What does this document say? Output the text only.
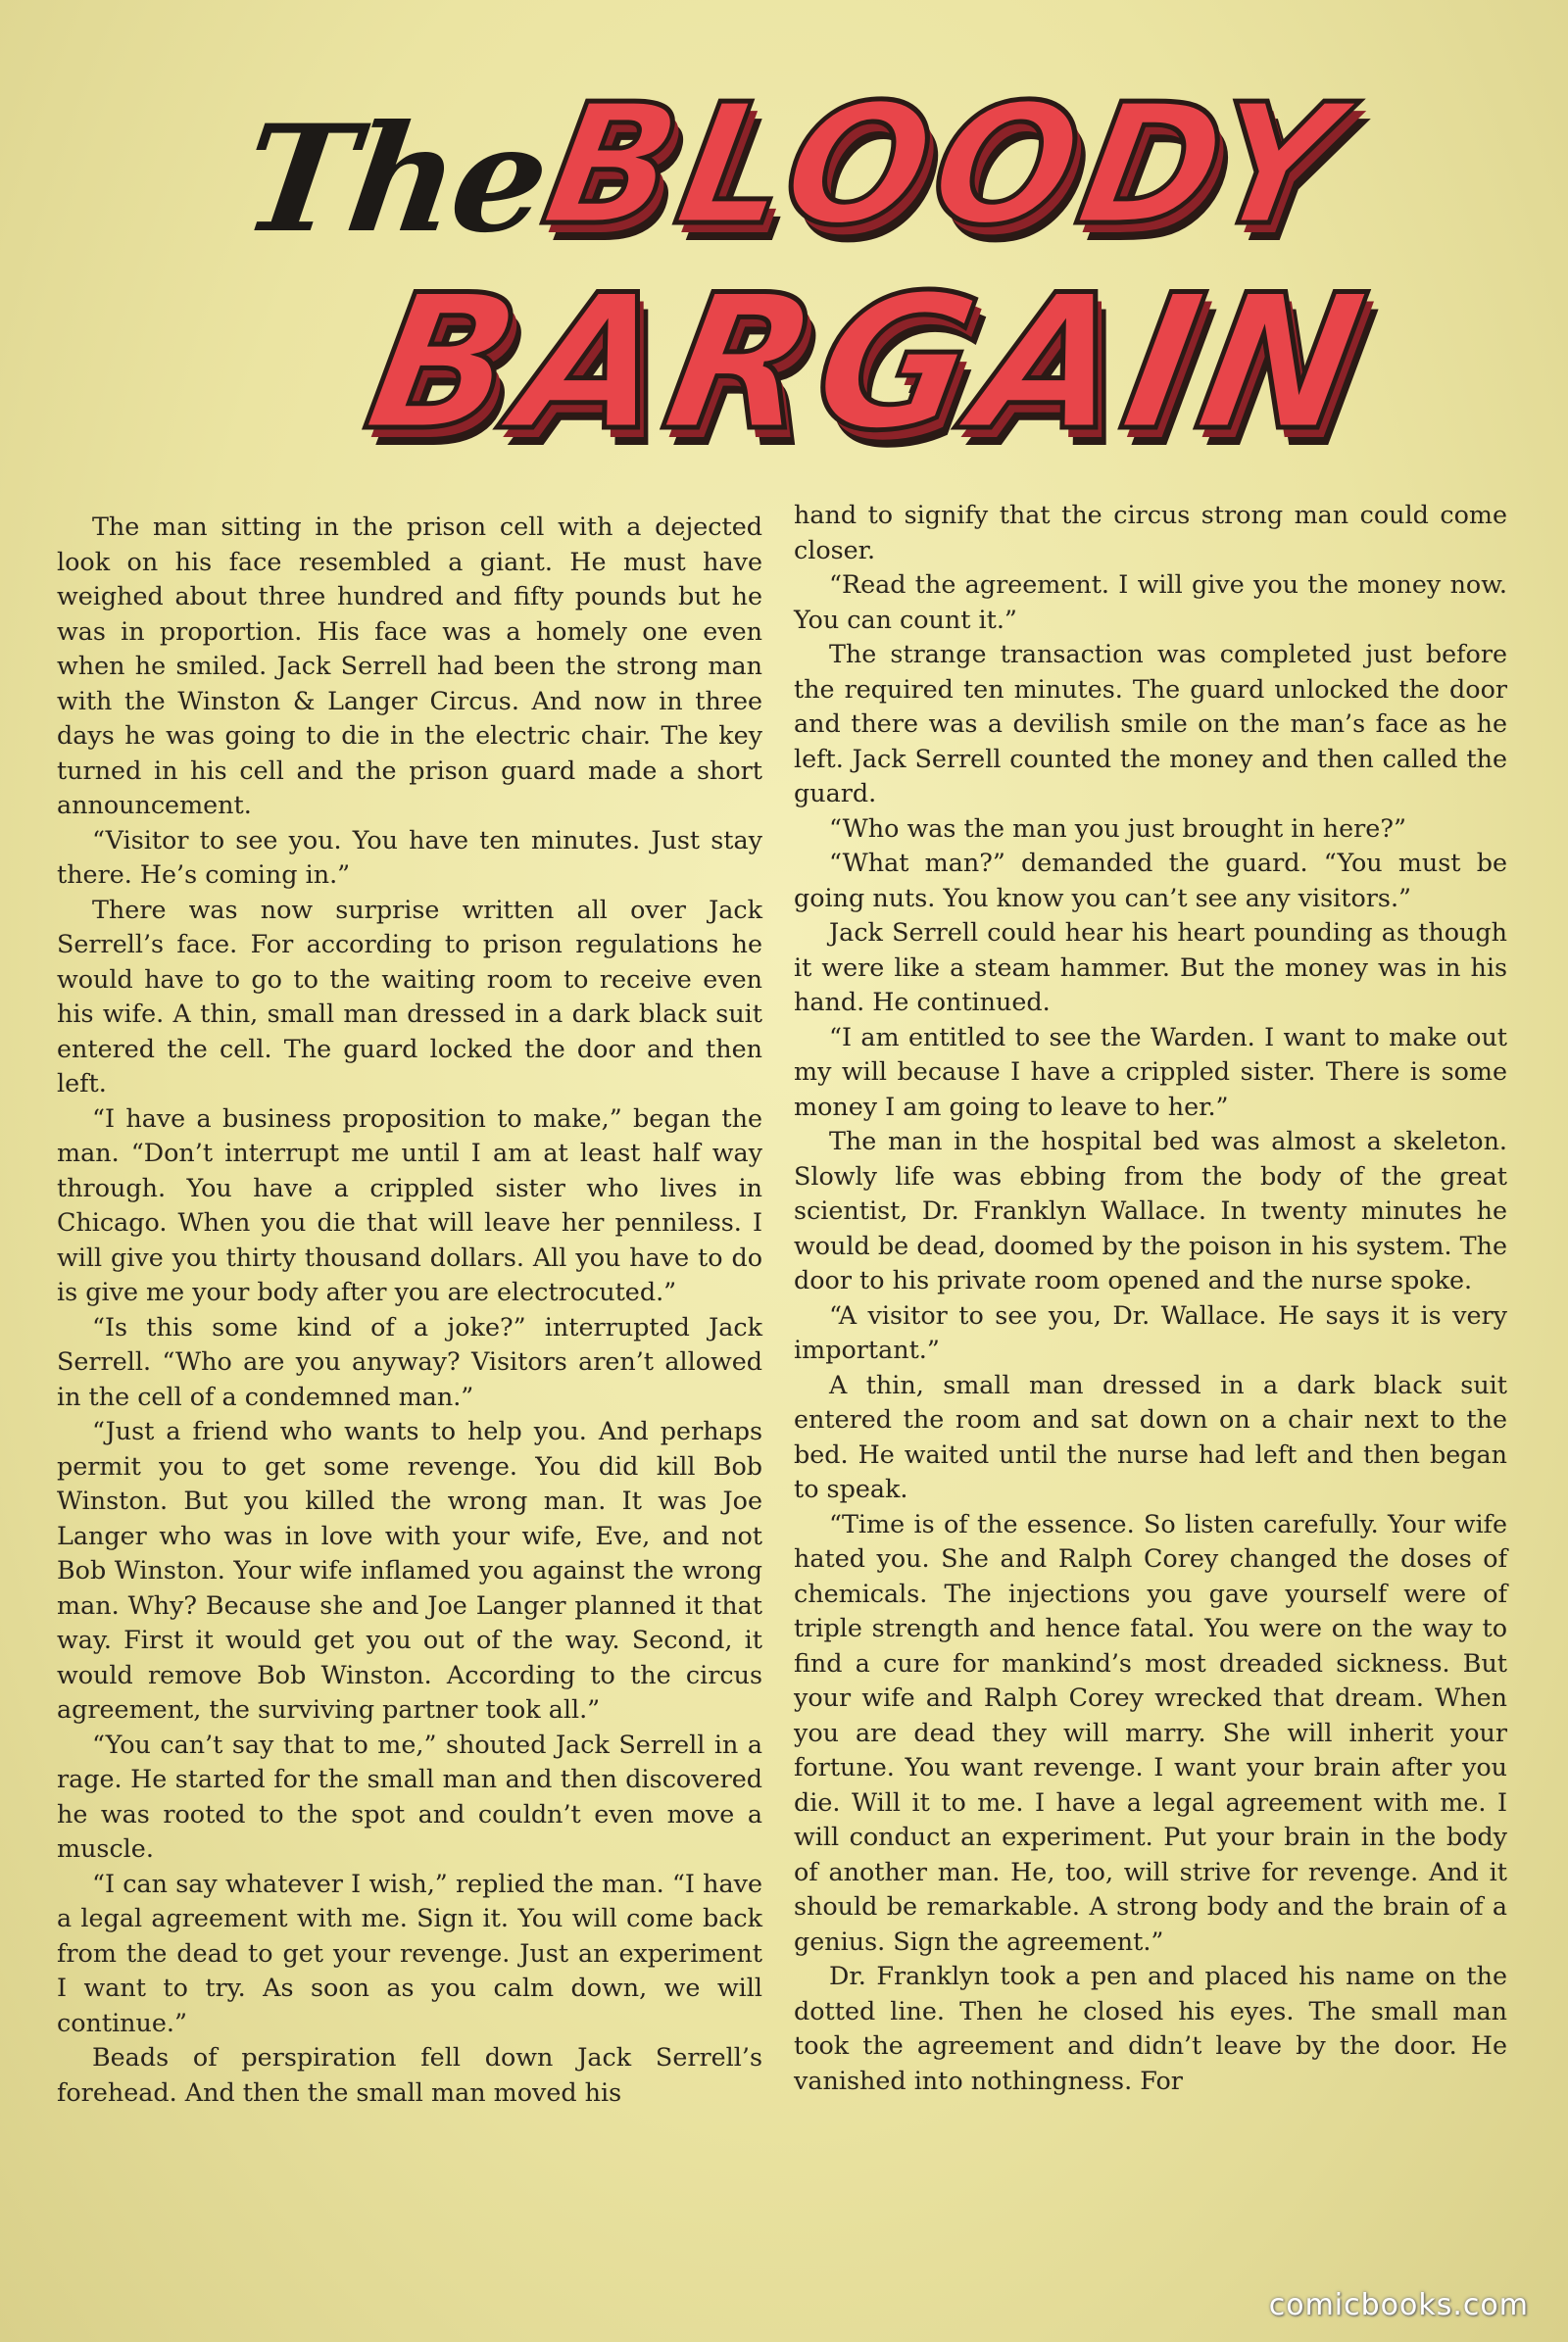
The
BLOODY
BARGAIN

The man sitting in the prison cell with a dejected look on his face resembled a giant. He must have weighed about three hundred and fifty pounds but he was in proportion. His face was a homely one even when he smiled. Jack Serrell had been the strong man with the Winston & Langer Circus. And now in three days he was going to die in the electric chair. The key turned in his cell and the prison guard made a short announcement.

“Visitor to see you. You have ten minutes. Just stay there. He’s coming in.”

There was now surprise written all over Jack Serrell’s face. For according to prison regulations he would have to go to the waiting room to receive even his wife. A thin, small man dressed in a dark black suit entered the cell. The guard locked the door and then left.

“I have a business proposition to make,” began the man. “Don’t interrupt me until I am at least half way through. You have a crippled sister who lives in Chicago. When you die that will leave her penniless. I will give you thirty thousand dollars. All you have to do is give me your body after you are electrocuted.”

“Is this some kind of a joke?” interrupted Jack Serrell. “Who are you anyway? Visitors aren’t allowed in the cell of a condemned man.”

“Just a friend who wants to help you. And perhaps permit you to get some revenge. You did kill Bob Winston. But you killed the wrong man. It was Joe Langer who was in love with your wife, Eve, and not Bob Winston. Your wife inflamed you against the wrong man. Why? Because she and Joe Langer planned it that way. First it would get you out of the way. Second, it would remove Bob Winston. According to the circus agreement, the surviving partner took all.”

“You can’t say that to me,” shouted Jack Serrell in a rage. He started for the small man and then discovered he was rooted to the spot and couldn’t even move a muscle.

“I can say whatever I wish,” replied the man. “I have a legal agreement with me. Sign it. You will come back from the dead to get your revenge. Just an experiment I want to try. As soon as you calm down, we will continue.”

Beads of perspiration fell down Jack Serrell’s forehead. And then the small man moved his

hand to signify that the circus strong man could come closer.

“Read the agreement. I will give you the money now. You can count it.”

The strange transaction was completed just before the required ten minutes. The guard unlocked the door and there was a devilish smile on the man’s face as he left. Jack Serrell counted the money and then called the guard.

“Who was the man you just brought in here?”

“What man?” demanded the guard. “You must be going nuts. You know you can’t see any visitors.”

Jack Serrell could hear his heart pounding as though it were like a steam hammer. But the money was in his hand. He continued.

“I am entitled to see the Warden. I want to make out my will because I have a crippled sister. There is some money I am going to leave to her.”

The man in the hospital bed was almost a skeleton. Slowly life was ebbing from the body of the great scientist, Dr. Franklyn Wallace. In twenty minutes he would be dead, doomed by the poison in his system. The door to his private room opened and the nurse spoke.

“A visitor to see you, Dr. Wallace. He says it is very important.”

A thin, small man dressed in a dark black suit entered the room and sat down on a chair next to the bed. He waited until the nurse had left and then began to speak.

“Time is of the essence. So listen carefully. Your wife hated you. She and Ralph Corey changed the doses of chemicals. The injections you gave yourself were of triple strength and hence fatal. You were on the way to find a cure for mankind’s most dreaded sickness. But your wife and Ralph Corey wrecked that dream. When you are dead they will marry. She will inherit your fortune. You want revenge. I want your brain after you die. Will it to me. I have a legal agreement with me. I will conduct an experiment. Put your brain in the body of another man. He, too, will strive for revenge. And it should be remarkable. A strong body and the brain of a genius. Sign the agreement.”

Dr. Franklyn took a pen and placed his name on the dotted line. Then he closed his eyes. The small man took the agreement and didn’t leave by the door. He vanished into nothingness. For

comicbooks.com
